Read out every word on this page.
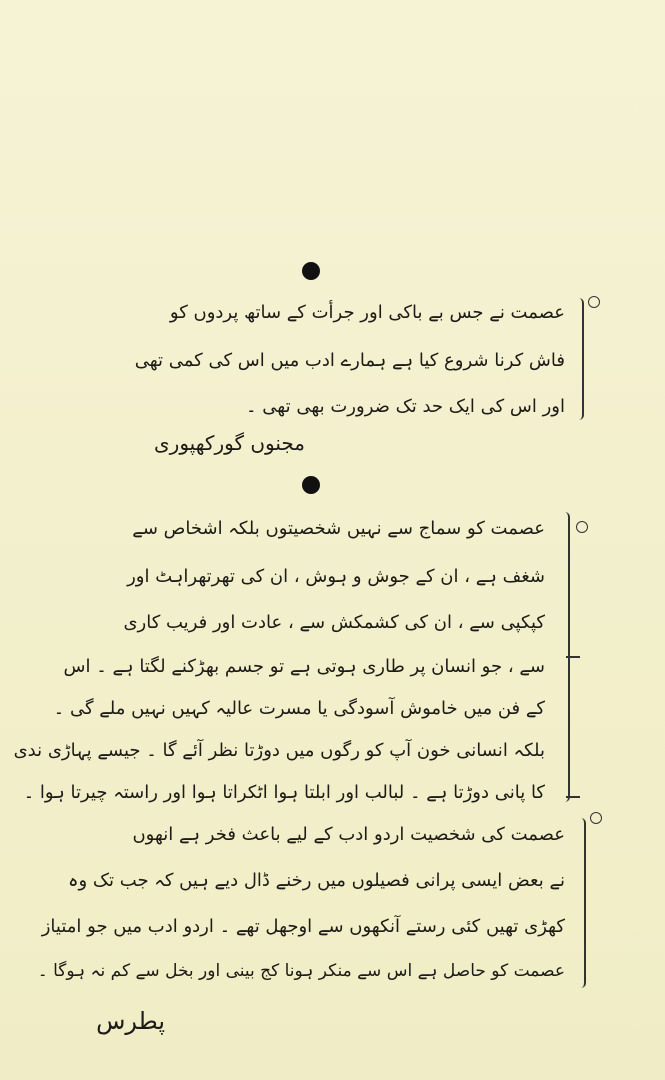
عصمت نے جس بے باکی اور جرأت کے ساتھ پردوں کو
فاش کرنا شروع کیا ہے ہمارے ادب میں اس کی کمی تھی
اور اس کی ایک حد تک ضرورت بھی تھی ۔
مجنوں گورکھپوری
عصمت کو سماج سے نہیں شخصیتوں بلکہ اشخاص سے
شغف ہے ، ان کے جوش و ہوش ، ان کی تھرتھراہٹ اور
کپکپی سے ، ان کی کشمکش سے ، عادت اور فریب کاری
سے ، جو انسان پر طاری ہوتی ہے تو جسم بھڑکنے لگتا ہے ۔ اس
کے فن میں خاموش آسودگی یا مسرت عالیہ کہیں نہیں ملے گی ۔
بلکہ انسانی خون آپ کو رگوں میں دوڑتا نظر آئے گا ۔ جیسے پہاڑی ندی
کا پانی دوڑتا ہے ۔ لبالب اور ابلتا ہوا اٹکراتا ہوا اور راستہ چیرتا ہوا ۔
عصمت کی شخصیت اردو ادب کے لیے باعث فخر ہے انھوں
نے بعض ایسی پرانی فصیلوں میں رخنے ڈال دیے ہیں کہ جب تک وہ
کھڑی تھیں کئی رستے آنکھوں سے اوجھل تھے ۔ اردو ادب میں جو امتیاز
عصمت کو حاصل ہے اس سے منکر ہونا کج بینی اور بخل سے کم نہ ہوگا ۔
پطرس
